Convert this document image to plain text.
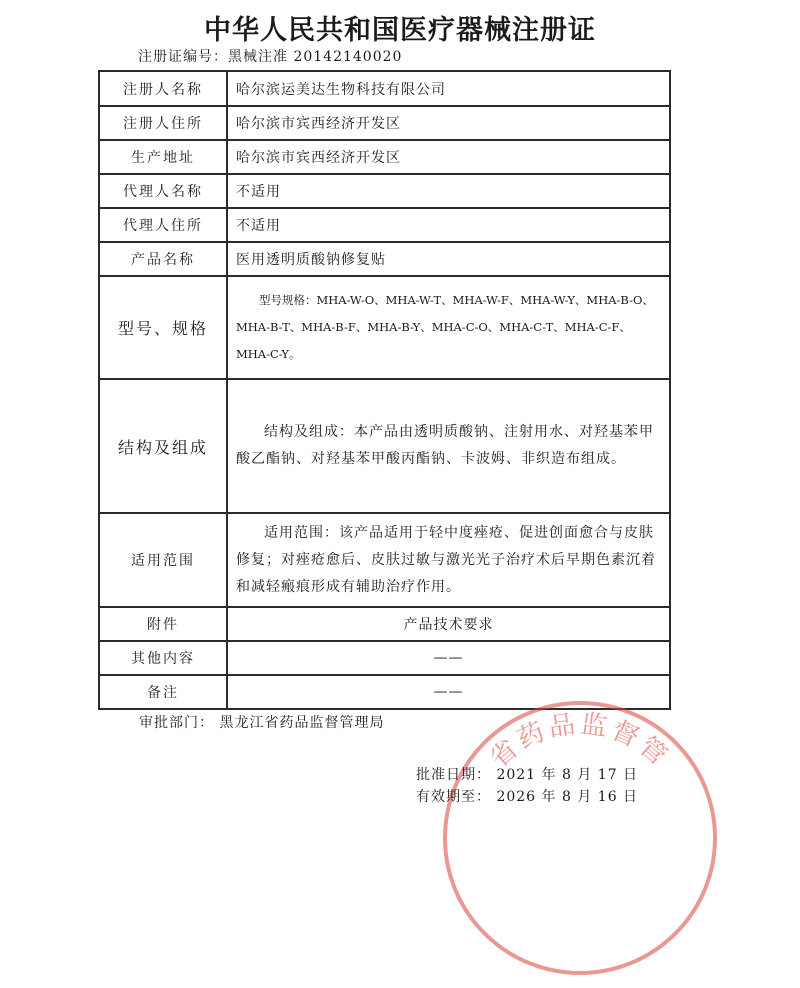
中华人民共和国医疗器械注册证
注册证编号：黑械注准 20142140020
注册人名称	哈尔滨运美达生物科技有限公司
注册人住所	哈尔滨市宾西经济开发区
生产地址	哈尔滨市宾西经济开发区
代理人名称	不适用
代理人住所	不适用
产品名称	医用透明质酸钠修复贴
型号、规格	型号规格：MHA-W-O、MHA-W-T、MHA-W-F、MHA-W-Y、MHA-B-O、MHA-B-T、MHA-B-F、MHA-B-Y、MHA-C-O、MHA-C-T、MHA-C-F、MHA-C-Y。
结构及组成	结构及组成：本产品由透明质酸钠、注射用水、对羟基苯甲酸乙酯钠、对羟基苯甲酸丙酯钠、卡波姆、非织造布组成。
适用范围	适用范围：该产品适用于轻中度痤疮、促进创面愈合与皮肤修复；对痤疮愈后、皮肤过敏与激光光子治疗术后早期色素沉着和减轻瘢痕形成有辅助治疗作用。
附件	产品技术要求
其他内容	——
备注	——
审批部门： 黑龙江省药品监督管理局
省药品监督管
批准日期： 2021 年 8 月 17 日
有效期至： 2026 年 8 月 16 日
